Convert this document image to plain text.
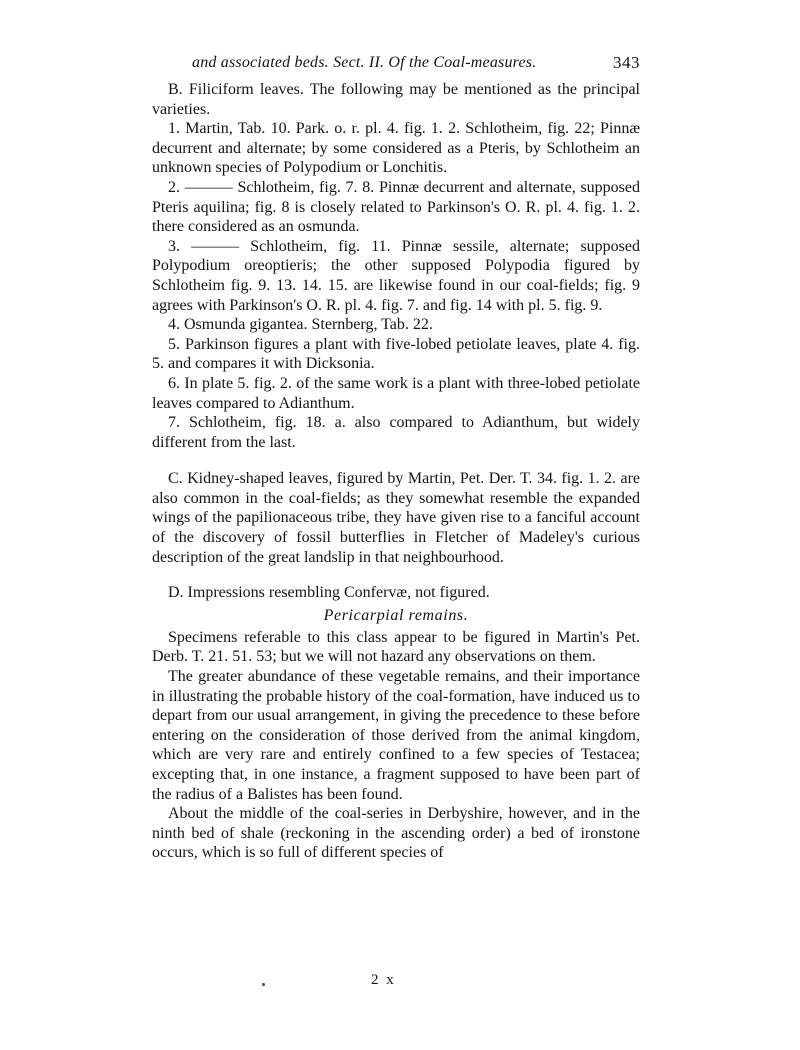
and associated beds. Sect. II. Of the Coal-measures.	343

B. Filiciform leaves. The following may be mentioned as the principal varieties.

1. Martin, Tab. 10. Park. o. r. pl. 4. fig. 1. 2. Schlotheim, fig. 22; Pinnæ decurrent and alternate; by some considered as a Pteris, by Schlotheim an unknown species of Polypodium or Lonchitis.

2. ——— Schlotheim, fig. 7. 8. Pinnæ decurrent and alternate, supposed Pteris aquilina; fig. 8 is closely related to Parkinson's O. R. pl. 4. fig. 1. 2. there considered as an osmunda.

3. ——— Schlotheim, fig. 11. Pinnæ sessile, alternate; supposed Polypodium oreoptieris; the other supposed Polypodia figured by Schlotheim fig. 9. 13. 14. 15. are likewise found in our coal-fields; fig. 9 agrees with Parkinson's O. R. pl. 4. fig. 7. and fig. 14 with pl. 5. fig. 9.

4. Osmunda gigantea. Sternberg, Tab. 22.

5. Parkinson figures a plant with five-lobed petiolate leaves, plate 4. fig. 5. and compares it with Dicksonia.

6. In plate 5. fig. 2. of the same work is a plant with three-lobed petiolate leaves compared to Adianthum.

7. Schlotheim, fig. 18. a. also compared to Adianthum, but widely different from the last.

C. Kidney-shaped leaves, figured by Martin, Pet. Der. T. 34. fig. 1. 2. are also common in the coal-fields; as they somewhat resemble the expanded wings of the papilionaceous tribe, they have given rise to a fanciful account of the discovery of fossil butterflies in Fletcher of Madeley's curious description of the great landslip in that neighbourhood.

D. Impressions resembling Confervæ, not figured.

Pericarpial remains.

Specimens referable to this class appear to be figured in Martin's Pet. Derb. T. 21. 51. 53; but we will not hazard any observations on them.

The greater abundance of these vegetable remains, and their importance in illustrating the probable history of the coal-formation, have induced us to depart from our usual arrangement, in giving the precedence to these before entering on the consideration of those derived from the animal kingdom, which are very rare and entirely confined to a few species of Testacea; excepting that, in one instance, a fragment supposed to have been part of the radius of a Balistes has been found.

About the middle of the coal-series in Derbyshire, however, and in the ninth bed of shale (reckoning in the ascending order) a bed of ironstone occurs, which is so full of different species of

2 x
